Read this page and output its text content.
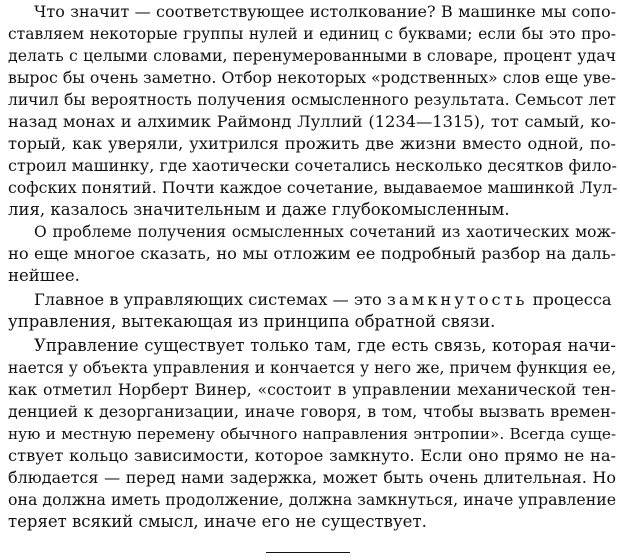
Что значит — соответствующее истолкование? В машинке мы сопо-
ставляем некоторые группы нулей и единиц с буквами; если бы это про-
делать с целыми словами, перенумерованными в словаре, процент удач
вырос бы очень заметно. Отбор некоторых «родственных» слов еще уве-
личил бы вероятность получения осмысленного результата. Семьсот лет
назад монах и алхимик Раймонд Луллий (1234—1315), тот самый, ко-
торый, как уверяли, ухитрился прожить две жизни вместо одной, по-
строил машинку, где хаотически сочетались несколько десятков фило-
софских понятий. Почти каждое сочетание, выдаваемое машинкой Лул-
лия, казалось значительным и даже глубокомысленным.
О проблеме получения осмысленных сочетаний из хаотических мож-
но еще многое сказать, но мы отложим ее подробный разбор на даль-
нейшее.
Главное в управляющих системах — это замкнутость процесса
управления, вытекающая из принципа обратной связи.
Управление существует только там, где есть связь, которая начи-
нается у объекта управления и кончается у него же, причем функция ее,
как отметил Норберт Винер, «состоит в управлении механической тен-
денцией к дезорганизации, иначе говоря, в том, чтобы вызвать времен-
ную и местную перемену обычного направления энтропии». Всегда суще-
ствует кольцо зависимости, которое замкнуто. Если оно прямо не на-
блюдается — перед нами задержка, может быть очень длительная. Но
она должна иметь продолжение, должна замкнуться, иначе управление
теряет всякий смысл, иначе его не существует.
